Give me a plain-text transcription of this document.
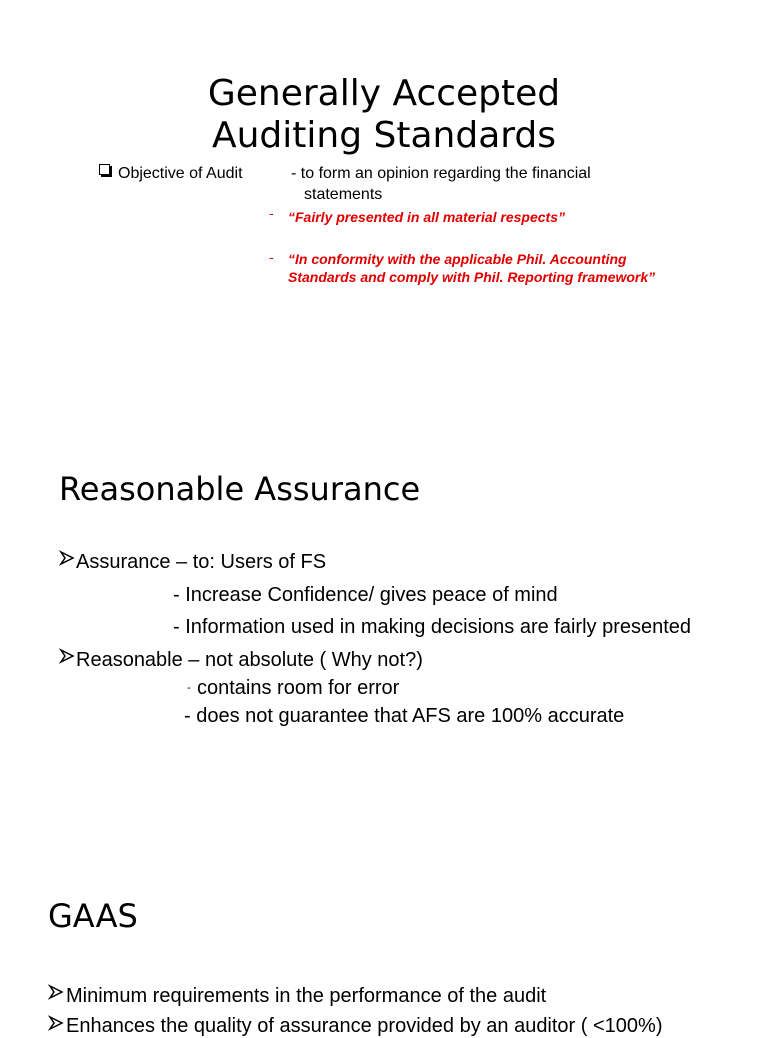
Generally Accepted
Auditing Standards
Objective of Audit	- to form an opinion regarding the financial
statements
- “Fairly presented in all material respects”
- “In conformity with the applicable Phil. Accounting
Standards and comply with Phil. Reporting framework”
Reasonable Assurance
Assurance – to: Users of FS
- Increase Confidence/ gives peace of mind
- Information used in making decisions are fairly presented
Reasonable – not absolute ( Why not?)
- contains room for error
- does not guarantee that AFS are 100% accurate
GAAS
Minimum requirements in the performance of the audit
Enhances the quality of assurance provided by an auditor ( <100%)
